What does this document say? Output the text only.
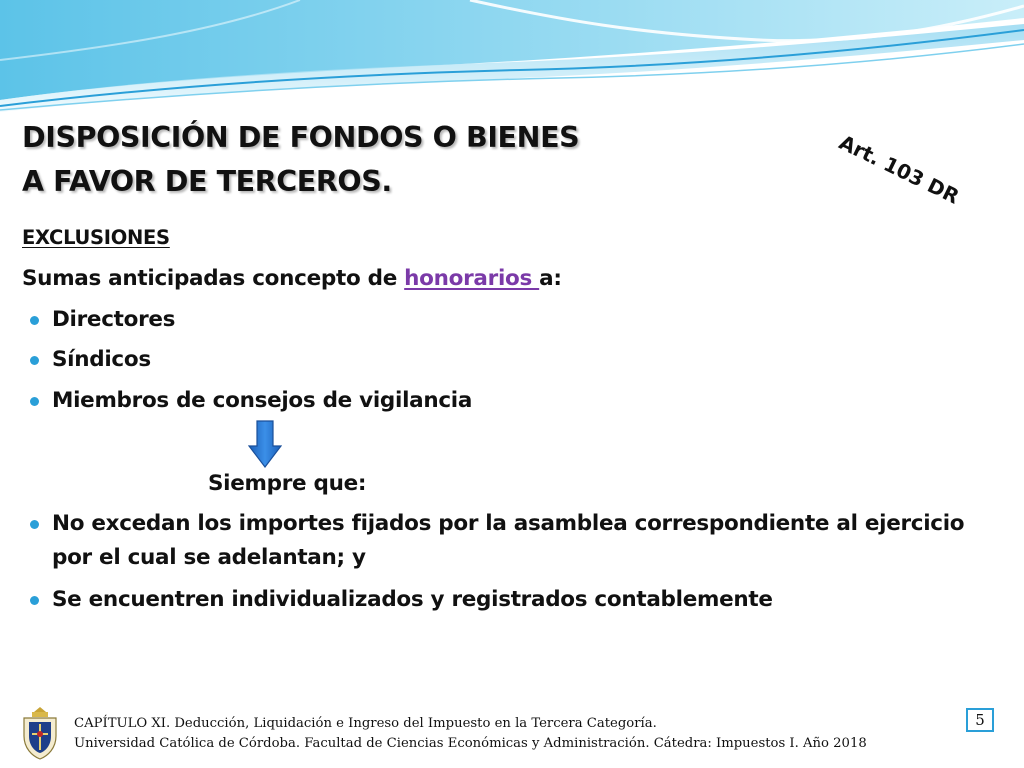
DISPOSICIÓN DE FONDOS O BIENES
A FAVOR DE TERCEROS.	Art. 103 DR
EXCLUSIONES
Sumas anticipadas concepto de honorarios a:
Directores
Síndicos
Miembros de consejos de vigilancia
Siempre que:
No excedan los importes fijados por la asamblea correspondiente al ejercicio
por el cual se adelantan; y
Se encuentren individualizados y registrados contablemente
CAPÍTULO XI. Deducción, Liquidación e Ingreso del Impuesto en la Tercera Categoría.
Universidad Católica de Córdoba. Facultad de Ciencias Económicas y Administración. Cátedra: Impuestos I. Año 2018
5
